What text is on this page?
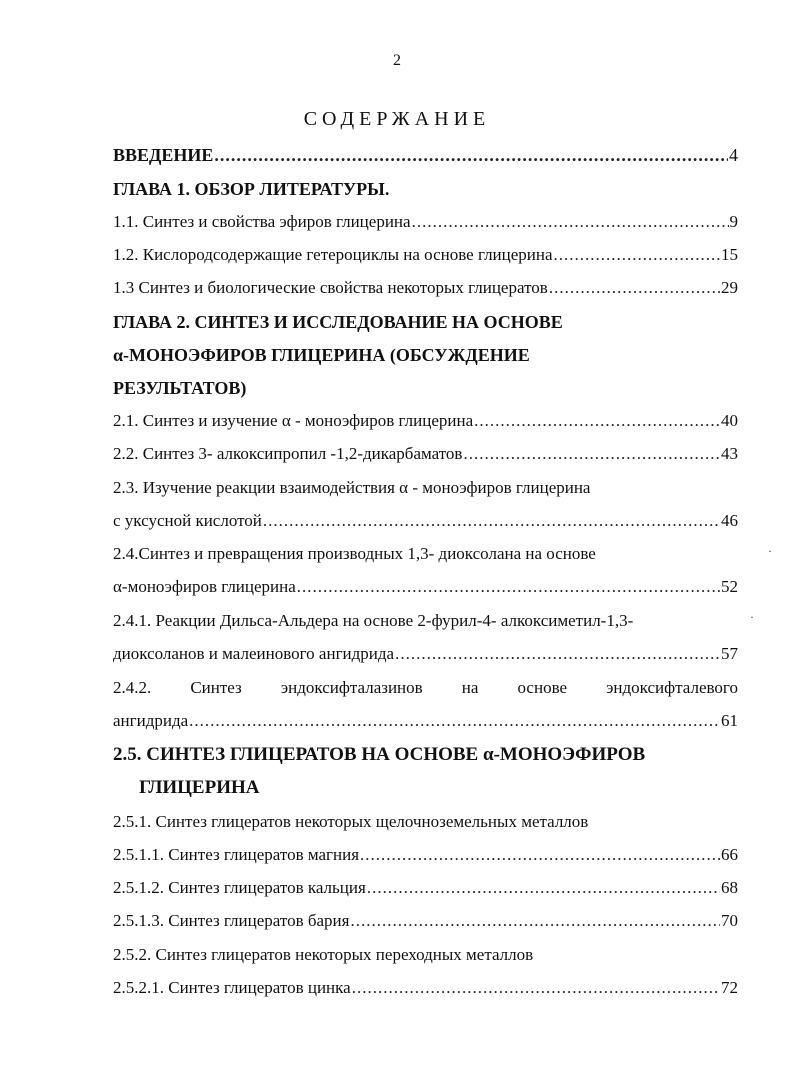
2
СОДЕРЖАНИЕ
ВВЕДЕНИЕ .....	4
ГЛАВА 1. ОБЗОР ЛИТЕРАТУРЫ.
1.1. Синтез и свойства эфиров глицерина .....	9
1.2. Кислородсодержащие гетероциклы на основе глицерина .....	15
1.3 Синтез и биологические свойства некоторых глицератов .....	29
ГЛАВА 2. СИНТЕЗ И ИССЛЕДОВАНИЕ НА ОСНОВЕ
α-МОНОЭФИРОВ ГЛИЦЕРИНА (ОБСУЖДЕНИЕ
РЕЗУЛЬТАТОВ)
2.1. Синтез и изучение α - моноэфиров глицерина .....	40
2.2. Синтез 3- алкоксипропил -1,2-дикарбаматов .....	43
2.3. Изучение реакции взаимодействия α - моноэфиров глицерина
с уксусной кислотой .....	46
2.4.Синтез и превращения производных 1,3- диоксолана на основе
α-моноэфиров глицерина .....	52
2.4.1. Реакции Дильса-Альдера на основе 2-фурил-4- алкоксиметил-1,3-
диоксоланов и малеинового ангидрида .....	57
2.4.2. Синтез эндоксифталазинов на основе эндоксифталевого
ангидрида .....	61
2.5. СИНТЕЗ ГЛИЦЕРАТОВ НА ОСНОВЕ α-МОНОЭФИРОВ
ГЛИЦЕРИНА
2.5.1. Синтез глицератов некоторых щелочноземельных металлов
2.5.1.1. Синтез глицератов магния .....	66
2.5.1.2. Синтез глицератов кальция .....	68
2.5.1.3. Синтез глицератов бария .....	70
2.5.2. Синтез глицератов некоторых переходных металлов
2.5.2.1. Синтез глицератов цинка .....	72
·
·
